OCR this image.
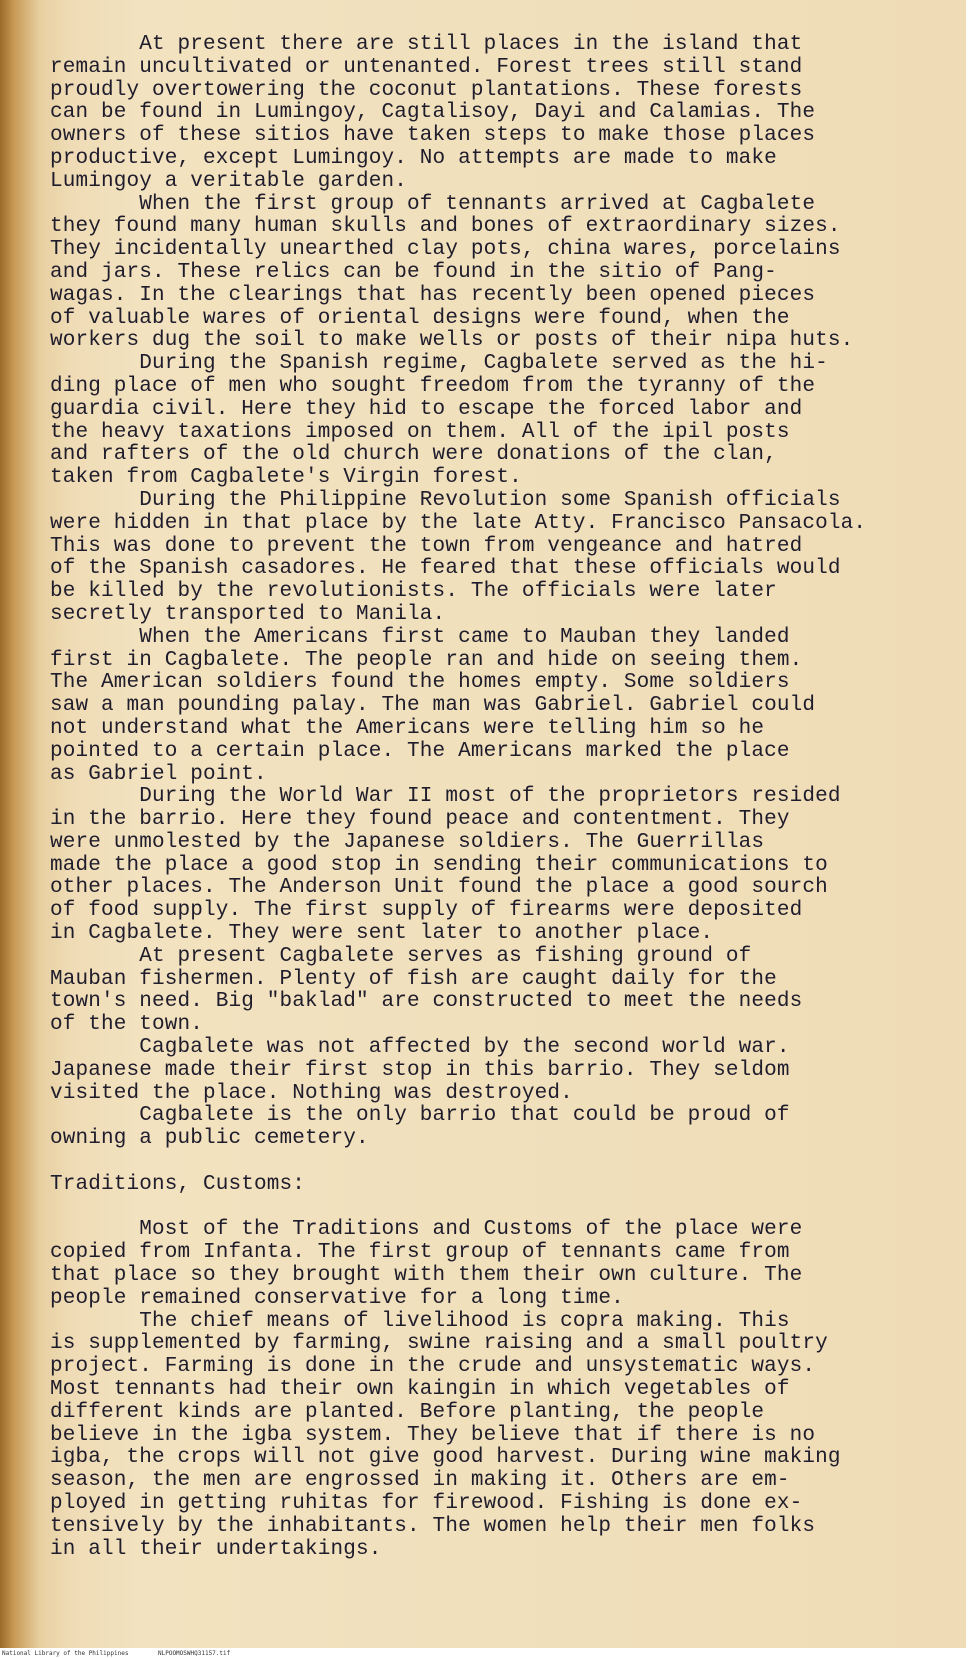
At present there are still places in the island that
remain uncultivated or untenanted. Forest trees still stand
proudly overtowering the coconut plantations. These forests
can be found in Lumingoy, Cagtalisoy, Dayi and Calamias. The
owners of these sitios have taken steps to make those places
productive, except Lumingoy. No attempts are made to make
Lumingoy a veritable garden.
When the first group of tennants arrived at Cagbalete
they found many human skulls and bones of extraordinary sizes.
They incidentally unearthed clay pots, china wares, porcelains
and jars. These relics can be found in the sitio of Pang-
wagas. In the clearings that has recently been opened pieces
of valuable wares of oriental designs were found, when the
workers dug the soil to make wells or posts of their nipa huts.
During the Spanish regime, Cagbalete served as the hi-
ding place of men who sought freedom from the tyranny of the
guardia civil. Here they hid to escape the forced labor and
the heavy taxations imposed on them. All of the ipil posts
and rafters of the old church were donations of the clan,
taken from Cagbalete's Virgin forest.
During the Philippine Revolution some Spanish officials
were hidden in that place by the late Atty. Francisco Pansacola.
This was done to prevent the town from vengeance and hatred
of the Spanish casadores. He feared that these officials would
be killed by the revolutionists. The officials were later
secretly transported to Manila.
When the Americans first came to Mauban they landed
first in Cagbalete. The people ran and hide on seeing them.
The American soldiers found the homes empty. Some soldiers
saw a man pounding palay. The man was Gabriel. Gabriel could
not understand what the Americans were telling him so he
pointed to a certain place. The Americans marked the place
as Gabriel point.
During the World War II most of the proprietors resided
in the barrio. Here they found peace and contentment. They
were unmolested by the Japanese soldiers. The Guerrillas
made the place a good stop in sending their communications to
other places. The Anderson Unit found the place a good sourch
of food supply. The first supply of firearms were deposited
in Cagbalete. They were sent later to another place.
At present Cagbalete serves as fishing ground of
Mauban fishermen. Plenty of fish are caught daily for the
town's need. Big "baklad" are constructed to meet the needs
of the town.
Cagbalete was not affected by the second world war.
Japanese made their first stop in this barrio. They seldom
visited the place. Nothing was destroyed.
Cagbalete is the only barrio that could be proud of
owning a public cemetery.
Traditions, Customs:
Most of the Traditions and Customs of the place were
copied from Infanta. The first group of tennants came from
that place so they brought with them their own culture. The
people remained conservative for a long time.
The chief means of livelihood is copra making. This
is supplemented by farming, swine raising and a small poultry
project. Farming is done in the crude and unsystematic ways.
Most tennants had their own kaingin in which vegetables of
different kinds are planted. Before planting, the people
believe in the igba system. They believe that if there is no
igba, the crops will not give good harvest. During wine making
season, the men are engrossed in making it. Others are em-
ployed in getting ruhitas for firewood. Fishing is done ex-
tensively by the inhabitants. The women help their men folks
in all their undertakings.
National Library of the Philippines	NLPOOMOSWHQ31157.tif
